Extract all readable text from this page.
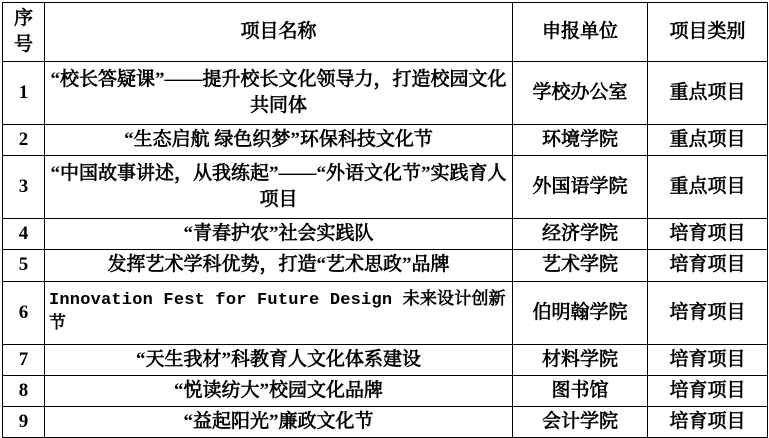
序号	项目名称	申报单位	项目类别
1	“校长答疑课”——提升校长文化领导力，打造校园文化共同体	学校办公室	重点项目
2	“生态启航 绿色织梦”环保科技文化节	环境学院	重点项目
3	“中国故事讲述，从我练起”——“外语文化节”实践育人项目	外国语学院	重点项目
4	“青春护农”社会实践队	经济学院	培育项目
5	发挥艺术学科优势，打造“艺术思政”品牌	艺术学院	培育项目
6	Innovation Fest for Future Design 未来设计创新节	伯明翰学院	培育项目
7	“天生我材”科教育人文化体系建设	材料学院	培育项目
8	“悦读纺大”校园文化品牌	图书馆	培育项目
9	“益起阳光”廉政文化节	会计学院	培育项目
